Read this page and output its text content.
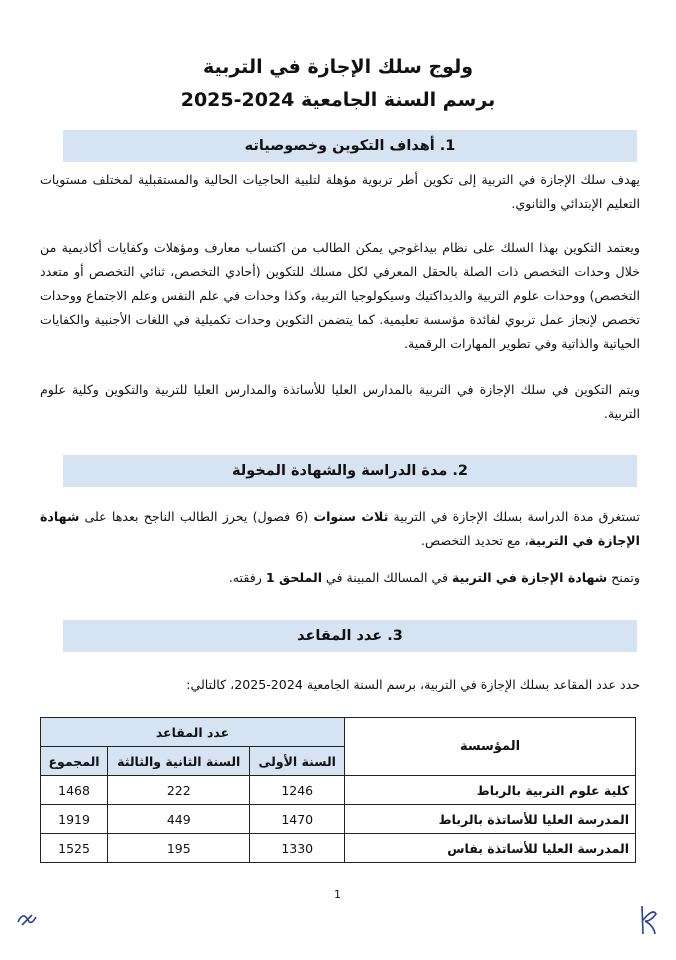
ولوج سلك الإجازة في التربية
برسم السنة الجامعية 2024-2025
1. أهداف التكوين وخصوصياته

يهدف سلك الإجازة في التربية إلى تكوين أطر تربوية مؤهلة لتلبية الحاجيات الحالية والمستقبلية لمختلف مستويات التعليم الإبتدائي والثانوي.

ويعتمد التكوين بهذا السلك على نظام بيداغوجي يمكن الطالب من اكتساب معارف ومؤهلات وكفايات أكاديمية من خلال وحدات التخصص ذات الصلة بالحقل المعرفي لكل مسلك للتكوين (أحادي التخصص، ثنائي التخصص أو متعدد التخصص) ووحدات علوم التربية والديداكتيك وسيكولوجيا التربية، وكذا وحدات في علم النفس وعلم الاجتماع ووحدات تخصص لإنجاز عمل تربوي لفائدة مؤسسة تعليمية. كما يتضمن التكوين وحدات تكميلية في اللغات الأجنبية والكفايات الحياتية والذاتية وفي تطوير المهارات الرقمية.

ويتم التكوين في سلك الإجازة في التربية بالمدارس العليا للأساتذة والمدارس العليا للتربية والتكوين وكلية علوم التربية.

2. مدة الدراسة والشهادة المخولة

تستغرق مدة الدراسة بسلك الإجازة في التربية ثلاث سنوات (6 فصول) يحرز الطالب الناجح بعدها على شهادة الإجازة في التربية، مع تحديد التخصص.

وتمنح شهادة الإجازة في التربية في المسالك المبينة في الملحق 1 رفقته.

3. عدد المقاعد

حدد عدد المقاعد بسلك الإجازة في التربية، برسم السنة الجامعية 2024-2025، كالتالي:

المؤسسة	عدد المقاعد		
	السنة الأولى	السنة الثانية والثالثة	المجموع
كلية علوم التربية بالرباط	1246	222	1468
المدرسة العليا للأساتذة بالرباط	1470	449	1919
المدرسة العليا للأساتذة بفاس	1330	195	1525
1
